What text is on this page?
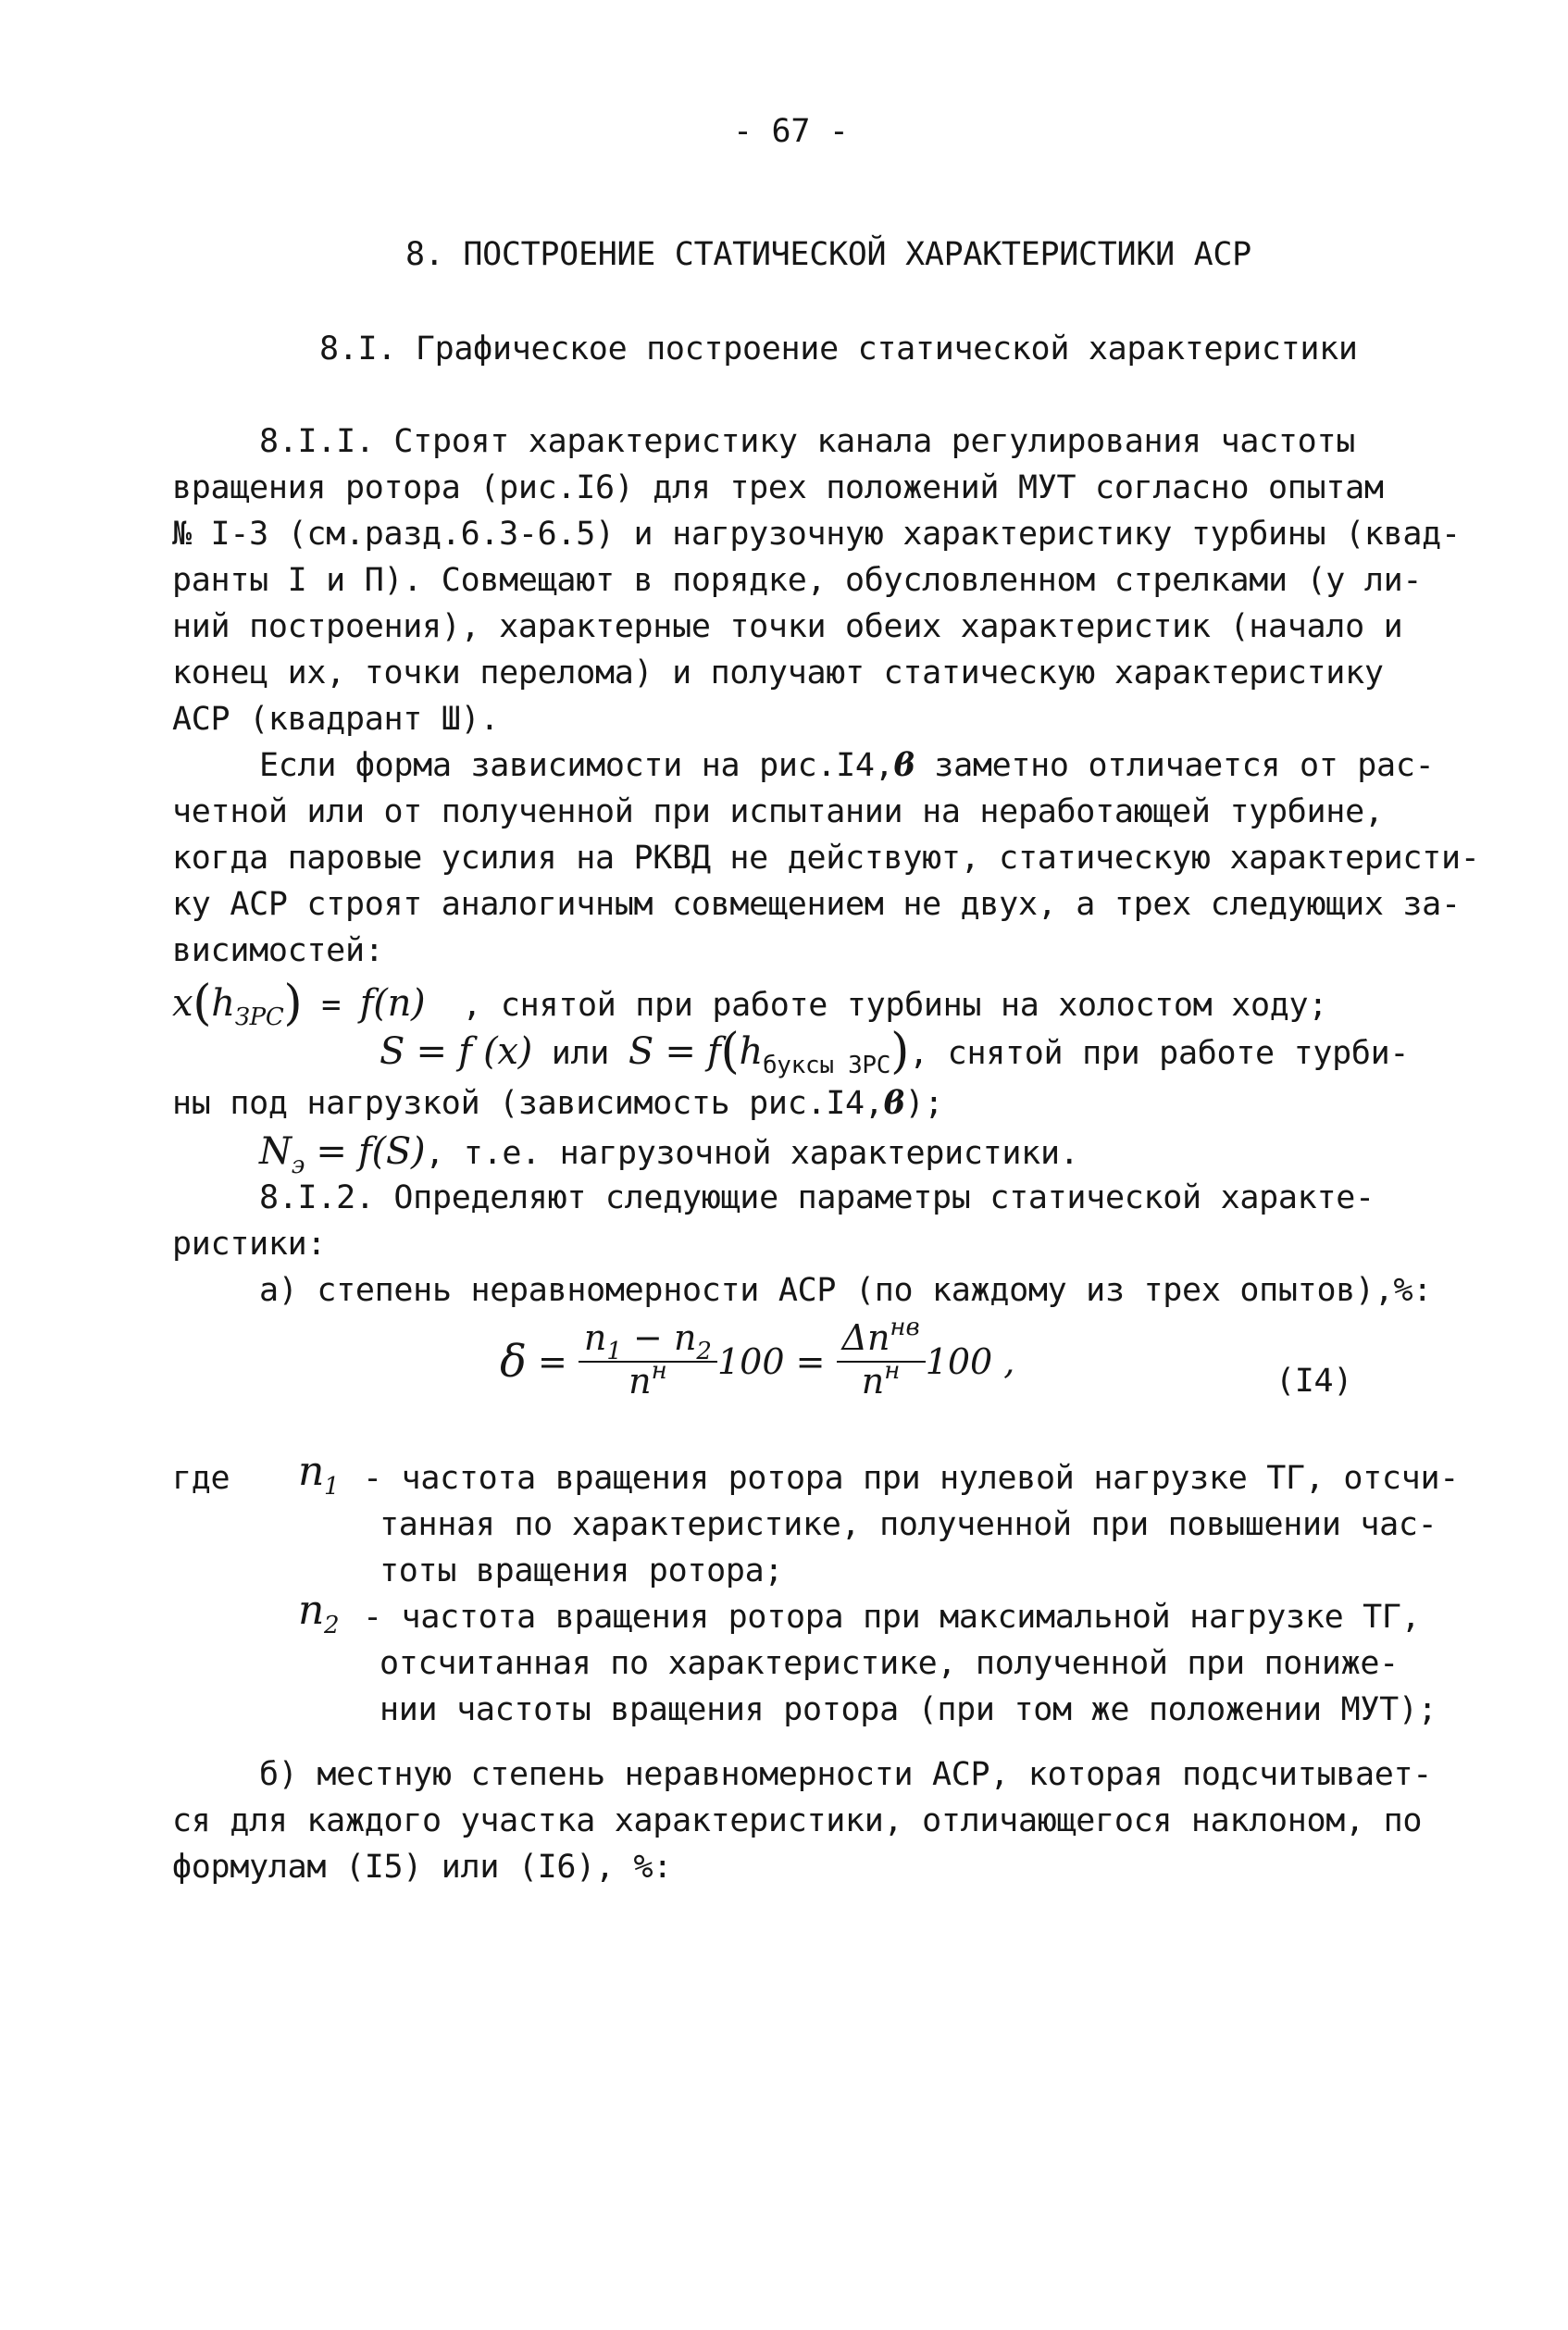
- 67 -
8. ПОСТРОЕНИЕ СТАТИЧЕСКОЙ ХАРАКТЕРИСТИКИ АСР
8.I. Графическое построение статической характеристики
8.I.I. Строят характеристику канала регулирования частоты
вращения ротора (рис.I6) для трех положений МУТ согласно опытам
№ I-3 (см.разд.6.3-6.5) и нагрузочную характеристику турбины (квад-
ранты I и П). Совмещают в порядке, обусловленном стрелками (у ли-
ний построения), характерные точки обеих характеристик (начало и
конец их, точки перелома) и получают статическую характеристику
АСР (квадрант Ш).
Если форма зависимости на рис.I4,ϐ заметно отличается от рас-
четной или от полученной при испытании на неработающей турбине,
когда паровые усилия на РКВД не действуют, статическую характеристи-
ку АСР строят аналогичным совмещением не двух, а трех следующих за-
висимостей:
$x(h_{ЗРС}) = f(n)$ , снятой при работе турбины на холостом ходу;
S = f (x) или $S = f(h_{буксы ЗРС})$, снятой при работе турби-
ны под нагрузкой (зависимость рис.I4,ϐ);
$N_э = f(S)$, т.е. нагрузочной характеристики.
8.I.2. Определяют следующие параметры статической характе-
ристики:
а) степень неравномерности АСР (по каждому из трех опытов),%:
$\delta = \frac{n_1 - n_2}{n^н} 100 = \frac{\Delta n^{нв}}{n^н} 100$ ,	(I4)
где $n_1$ - частота вращения ротора при нулевой нагрузке ТГ, отсчи-
танная по характеристике, полученной при повышении час-
тоты вращения ротора;
$n_2$ - частота вращения ротора при максимальной нагрузке ТГ,
отсчитанная по характеристике, полученной при пониже-
нии частоты вращения ротора (при том же положении МУТ);
б) местную степень неравномерности АСР, которая подсчитывает-
ся для каждого участка характеристики, отличающегося наклоном, по
формулам (I5) или (I6), %:
